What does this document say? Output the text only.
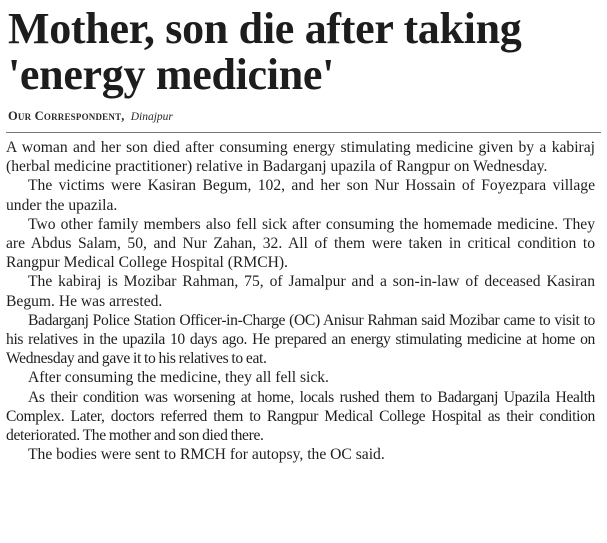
Mother, son die after taking 'energy medicine'
Our Correspondent, Dinajpur

A woman and her son died after consuming energy stimulating medicine given by a kabiraj (herbal medicine practitioner) relative in Badarganj upazila of Rangpur on Wednesday.

The victims were Kasiran Begum, 102, and her son Nur Hossain of Foyezpara village under the upazila.

Two other family members also fell sick after consuming the homemade medicine. They are Abdus Salam, 50, and Nur Zahan, 32. All of them were taken in critical condition to Rangpur Medical College Hospital (RMCH).

The kabiraj is Mozibar Rahman, 75, of Jamalpur and a son-in-law of deceased Kasiran Begum. He was arrested.

Badarganj Police Station Officer-in-Charge (OC) Anisur Rahman said Mozibar came to visit to his relatives in the upazila 10 days ago. He prepared an energy stimulating medicine at home on Wednesday and gave it to his relatives to eat.

After consuming the medicine, they all fell sick.

As their condition was worsening at home, locals rushed them to Badarganj Upazila Health Complex. Later, doctors referred them to Rangpur Medical College Hospital as their condition deteriorated. The mother and son died there.

The bodies were sent to RMCH for autopsy, the OC said.
